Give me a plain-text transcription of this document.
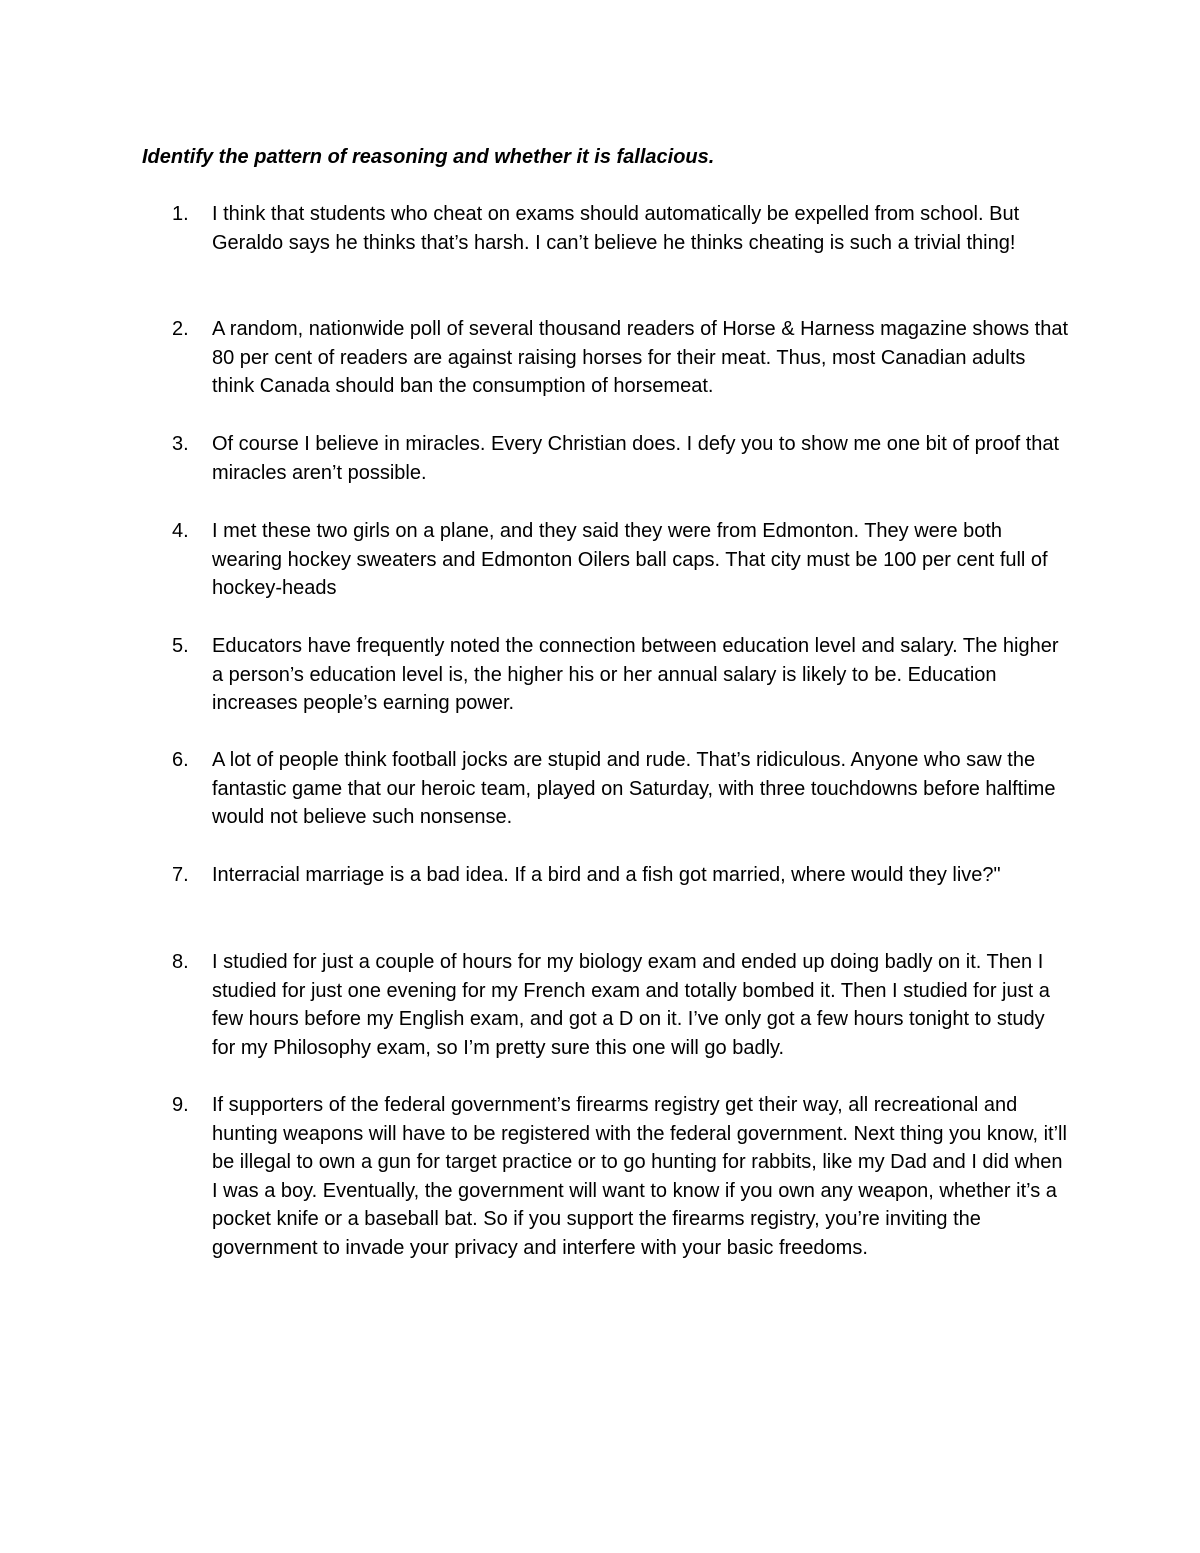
Identify the pattern of reasoning and whether it is fallacious.

1.	I think that students who cheat on exams should automatically be expelled from school. But Geraldo says he thinks that’s harsh. I can’t believe he thinks cheating is such a trivial thing!
2.	A random, nationwide poll of several thousand readers of Horse & Harness magazine shows that 80 per cent of readers are against raising horses for their meat. Thus, most Canadian adults think Canada should ban the consumption of horsemeat.
3.	Of course I believe in miracles. Every Christian does. I defy you to show me one bit of proof that miracles aren’t possible.
4.	I met these two girls on a plane, and they said they were from Edmonton. They were both wearing hockey sweaters and Edmonton Oilers ball caps. That city must be 100 per cent full of hockey-heads
5.	Educators have frequently noted the connection between education level and salary. The higher a person’s education level is, the higher his or her annual salary is likely to be. Education increases people’s earning power.
6.	A lot of people think football jocks are stupid and rude. That’s ridiculous. Anyone who saw the fantastic game that our heroic team, played on Saturday, with three touchdowns before halftime would not believe such nonsense.
7.	Interracial marriage is a bad idea. If a bird and a fish got married, where would they live?"
8.	I studied for just a couple of hours for my biology exam and ended up doing badly on it. Then I studied for just one evening for my French exam and totally bombed it. Then I studied for just a few hours before my English exam, and got a D on it. I’ve only got a few hours tonight to study for my Philosophy exam, so I’m pretty sure this one will go badly.
9.	If supporters of the federal government’s firearms registry get their way, all recreational and hunting weapons will have to be registered with the federal government. Next thing you know, it’ll be illegal to own a gun for target practice or to go hunting for rabbits, like my Dad and I did when I was a boy. Eventually, the government will want to know if you own any weapon, whether it’s a pocket knife or a baseball bat. So if you support the firearms registry, you’re inviting the government to invade your privacy and interfere with your basic freedoms.
